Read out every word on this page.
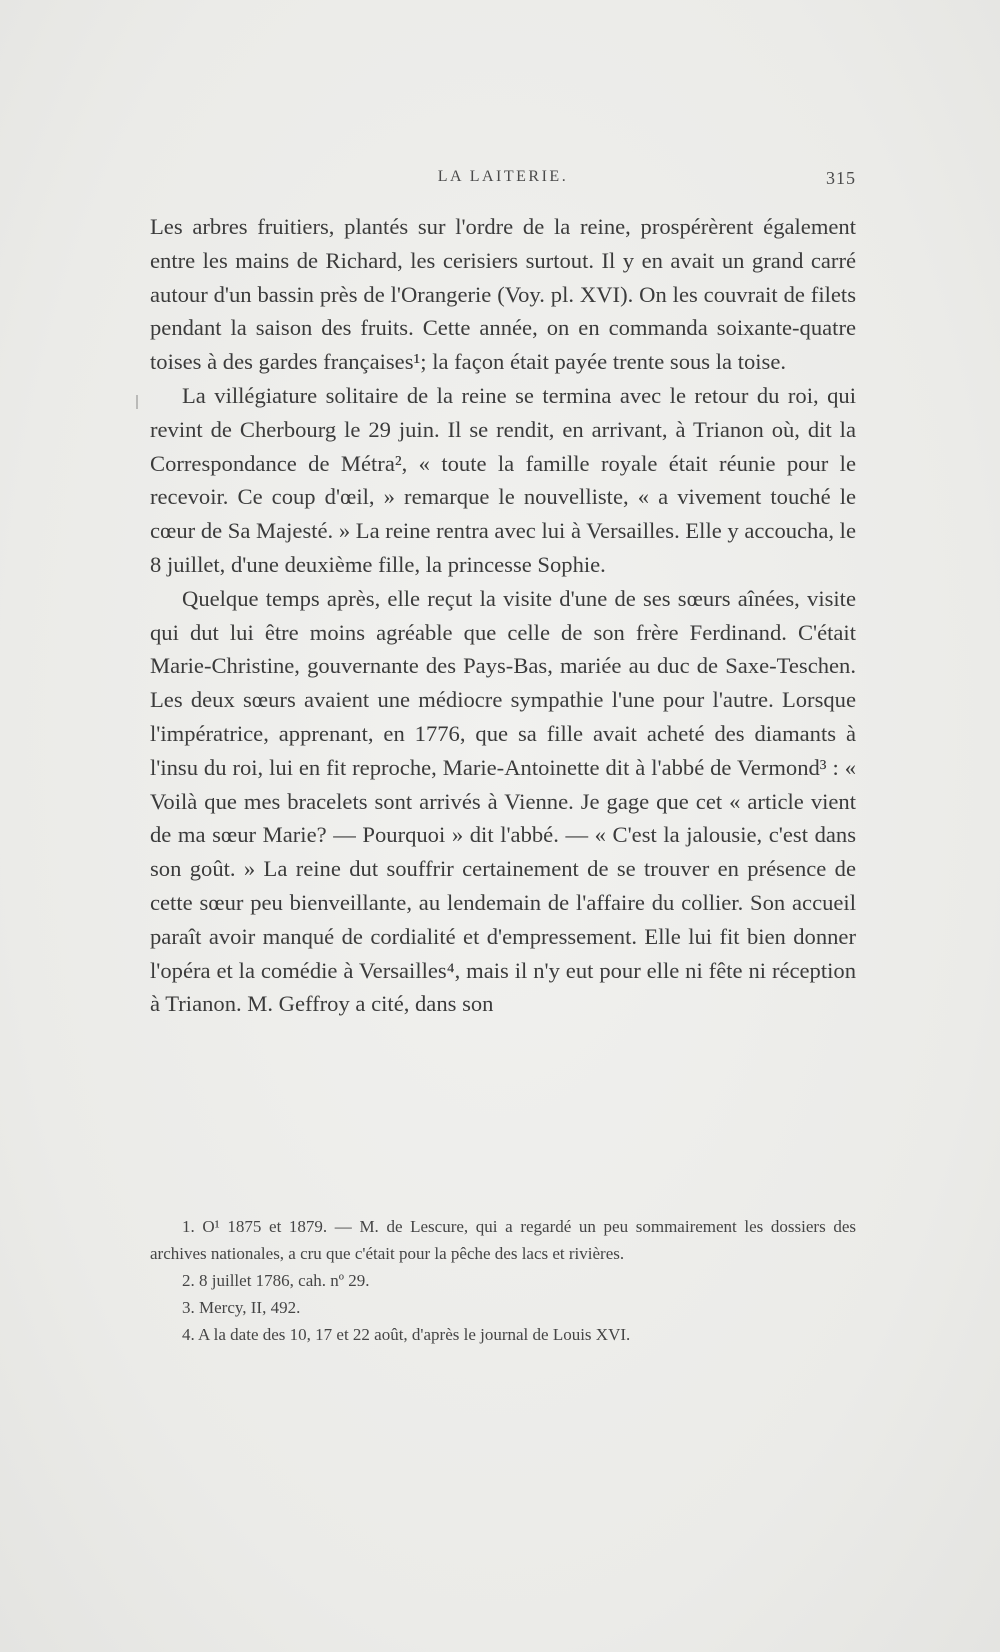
LA LAITERIE.	315

Les arbres fruitiers, plantés sur l'ordre de la reine, prospérèrent également entre les mains de Richard, les cerisiers surtout. Il y en avait un grand carré autour d'un bassin près de l'Orangerie (Voy. pl. XVI). On les couvrait de filets pendant la saison des fruits. Cette année, on en commanda soixante-quatre toises à des gardes françaises¹; la façon était payée trente sous la toise.

La villégiature solitaire de la reine se termina avec le retour du roi, qui revint de Cherbourg le 29 juin. Il se rendit, en arrivant, à Trianon où, dit la Correspondance de Métra², « toute la famille royale était réunie pour le recevoir. Ce coup d'œil, » remarque le nouvelliste, « a vivement touché le cœur de Sa Majesté. » La reine rentra avec lui à Versailles. Elle y accoucha, le 8 juillet, d'une deuxième fille, la princesse Sophie.

Quelque temps après, elle reçut la visite d'une de ses sœurs aînées, visite qui dut lui être moins agréable que celle de son frère Ferdinand. C'était Marie-Christine, gouvernante des Pays-Bas, mariée au duc de Saxe-Teschen. Les deux sœurs avaient une médiocre sympathie l'une pour l'autre. Lorsque l'impératrice, apprenant, en 1776, que sa fille avait acheté des diamants à l'insu du roi, lui en fit reproche, Marie-Antoinette dit à l'abbé de Vermond³ : « Voilà que mes bracelets sont arrivés à Vienne. Je gage que cet « article vient de ma sœur Marie? — Pourquoi » dit l'abbé. — « C'est la jalousie, c'est dans son goût. » La reine dut souffrir certainement de se trouver en présence de cette sœur peu bienveillante, au lendemain de l'affaire du collier. Son accueil paraît avoir manqué de cordialité et d'empressement. Elle lui fit bien donner l'opéra et la comédie à Versailles⁴, mais il n'y eut pour elle ni fête ni réception à Trianon. M. Geffroy a cité, dans son

1. O¹ 1875 et 1879. — M. de Lescure, qui a regardé un peu sommairement les dossiers des archives nationales, a cru que c'était pour la pêche des lacs et rivières.

2. 8 juillet 1786, cah. nº 29.

3. Mercy, II, 492.

4. A la date des 10, 17 et 22 août, d'après le journal de Louis XVI.
